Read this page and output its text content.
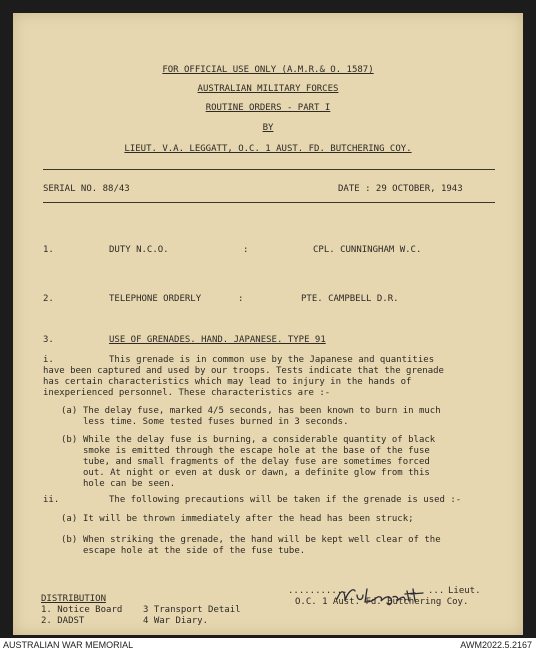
FOR OFFICIAL USE ONLY (A.M.R.& O. 1587)
AUSTRALIAN MILITARY FORCES
ROUTINE ORDERS - PART I
BY
LIEUT. V.A. LEGGATT, O.C. 1 AUST. FD. BUTCHERING COY.
SERIAL NO. 88/43	DATE : 29 OCTOBER, 1943
1.	DUTY N.C.O.	:	CPL. CUNNINGHAM W.C.
2.	TELEPHONE ORDERLY	:	PTE. CAMPBELL D.R.
3.	USE OF GRENADES. HAND. JAPANESE. TYPE 91
i.	This grenade is in common use by the Japanese and quantities
have been captured and used by our troops. Tests indicate that the grenade
has certain characteristics which may lead to injury in the hands of
inexperienced personnel. These characteristics are :-
(a) The delay fuse, marked 4/5 seconds, has been known to burn in much
less time. Some tested fuses burned in 3 seconds.
(b) While the delay fuse is burning, a considerable quantity of black
smoke is emitted through the escape hole at the base of the fuse
tube, and small fragments of the delay fuse are sometimes forced
out. At night or even at dusk or dawn, a definite glow from this
hole can be seen.
ii.	The following precautions will be taken if the grenade is used :-
(a) It will be thrown immediately after the head has been struck;
(b) When striking the grenade, the hand will be kept well clear of the
escape hole at the side of the fuse tube.
...........	... Lieut.
O.C. 1 Aust. Fd. Butchering Coy.
DISTRIBUTION
1. Notice Board
2. DADST
3 Transport Detail
4 War Diary.
AUSTRALIAN WAR MEMORIAL	AWM2022.5.2167
